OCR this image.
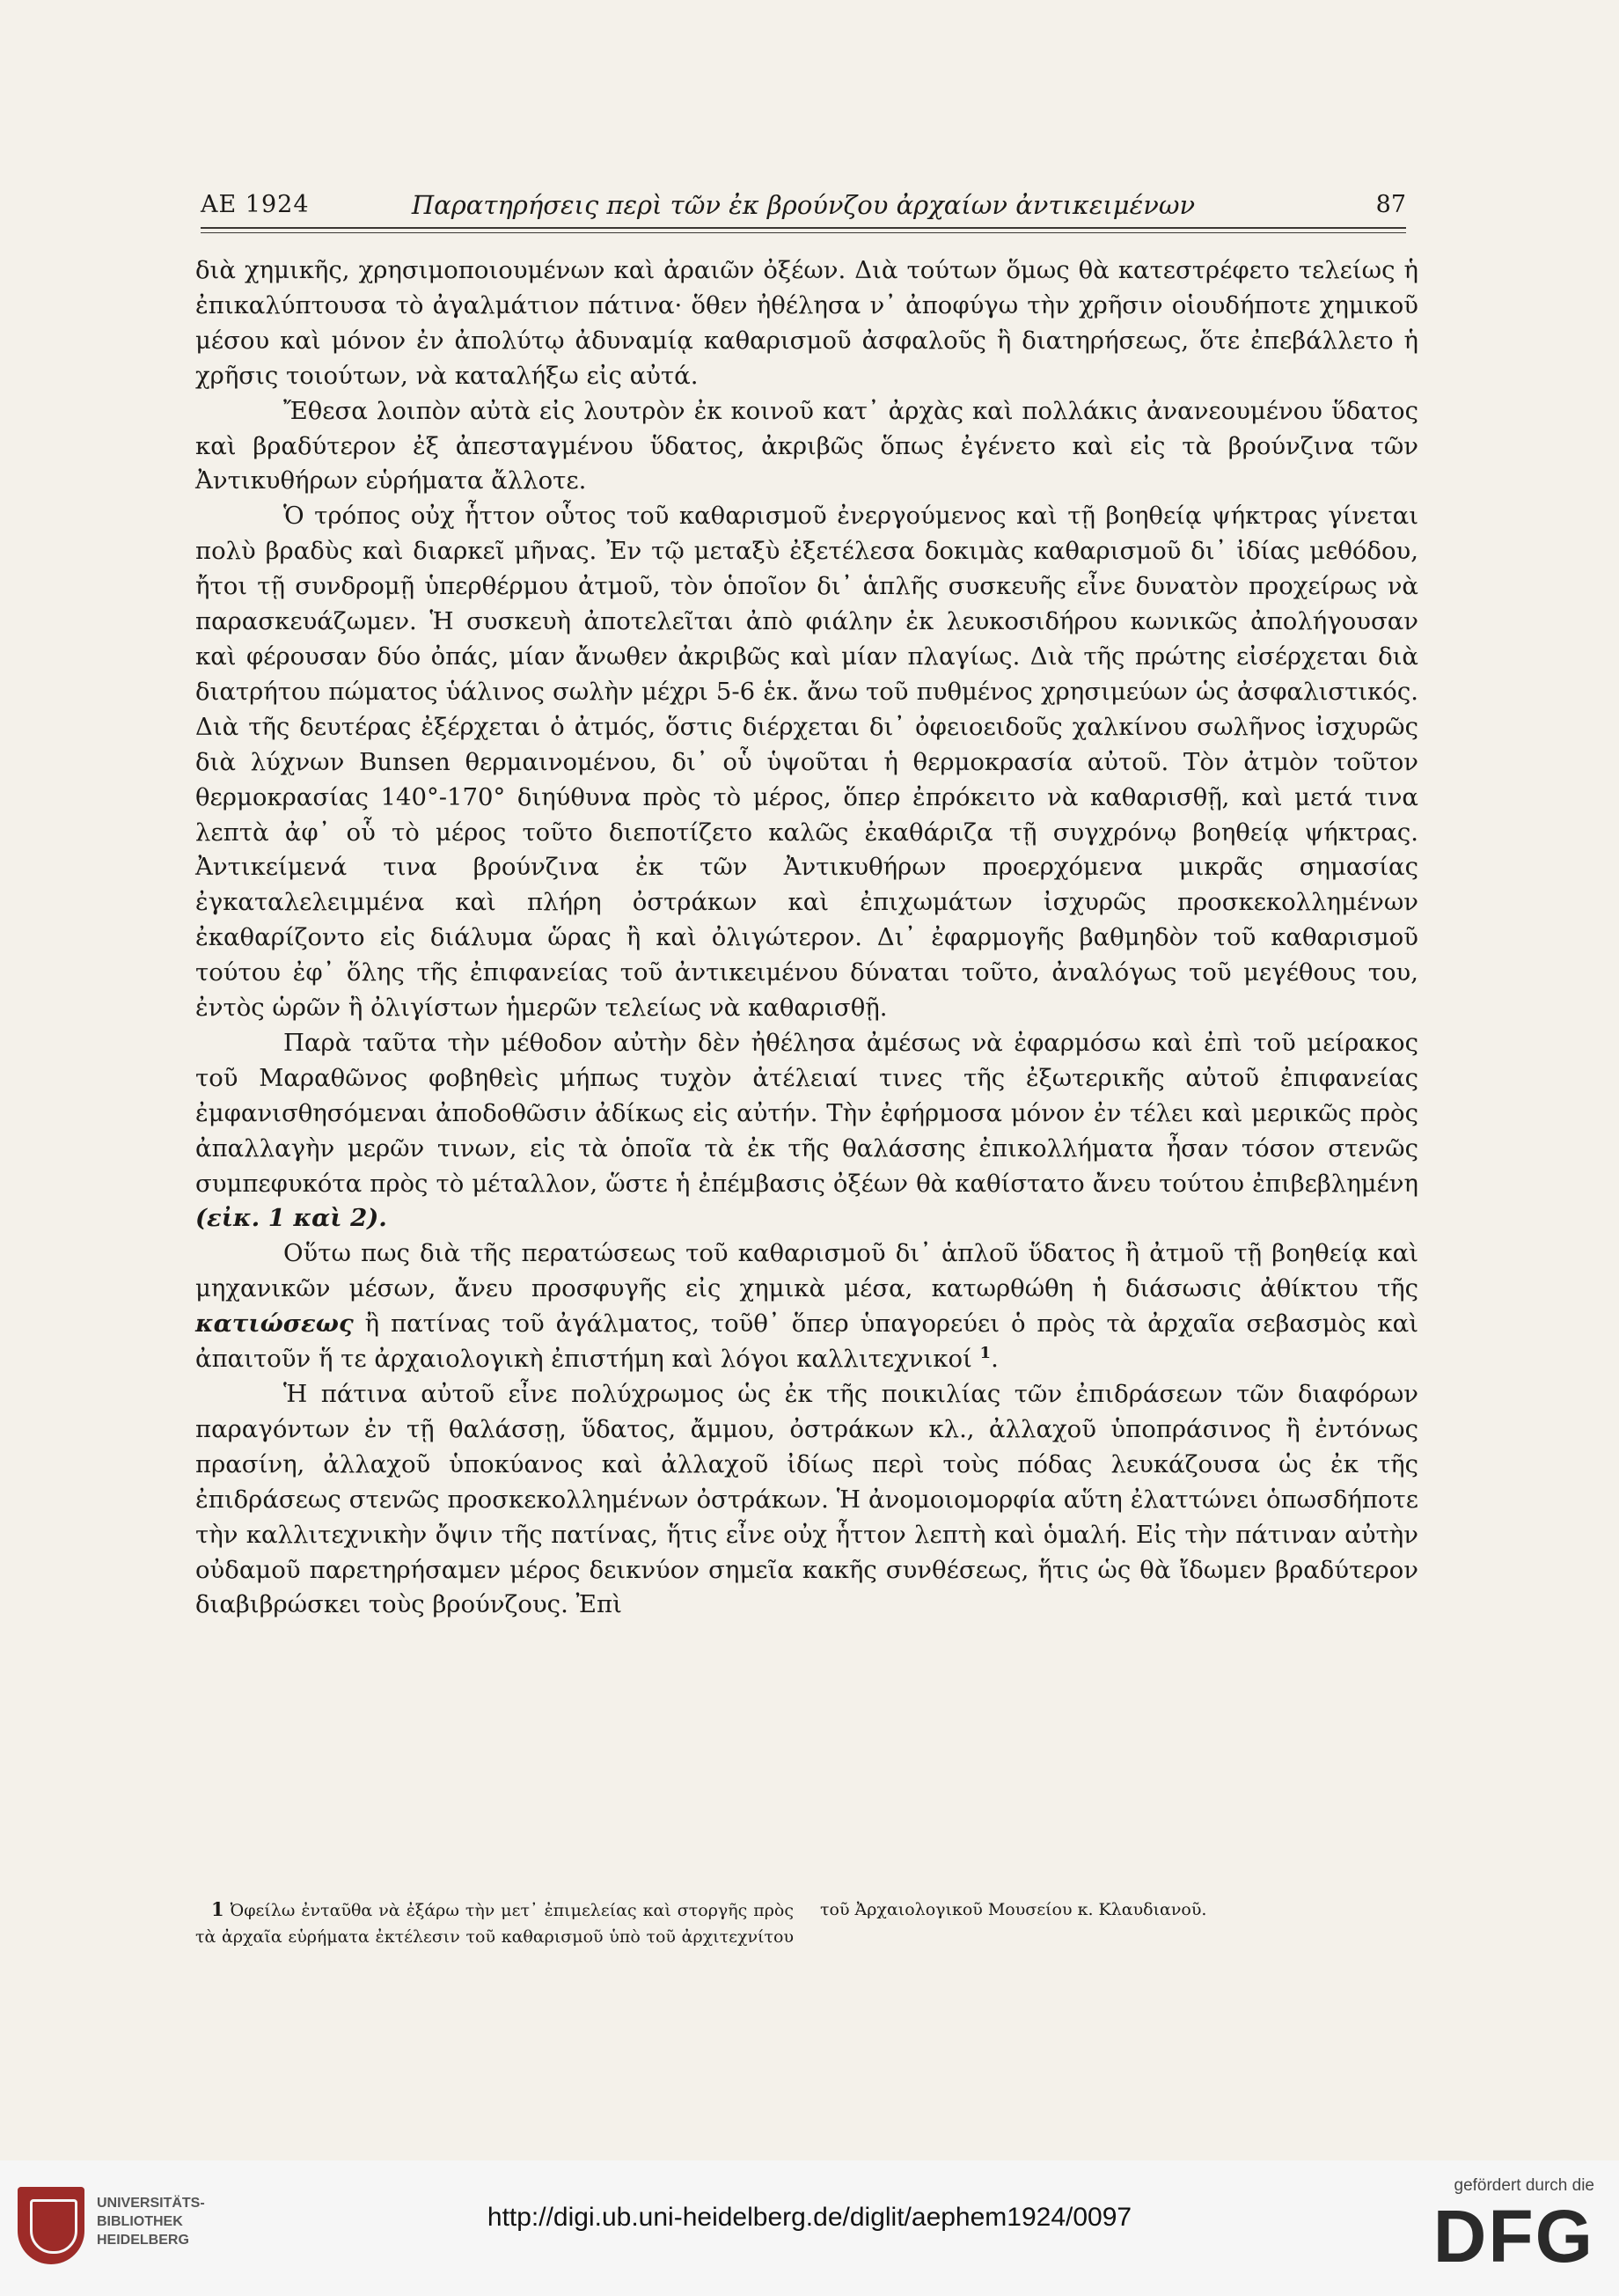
ΑΕ 1924	Παρατηρήσεις περὶ τῶν ἐκ βρούνζου ἀρχαίων ἀντικειμένων	87

διὰ χημικῆς, χρησιμοποιουμένων καὶ ἀραιῶν ὀξέων. Διὰ τούτων ὅμως θὰ κατεστρέφετο τελείως ἡ ἐπικαλύπτουσα τὸ ἀγαλμάτιον πάτινα· ὅθεν ἠθέλησα ν᾽ ἀποφύγω τὴν χρῆσιν οἱουδήποτε χημικοῦ μέσου καὶ μόνον ἐν ἀπολύτῳ ἀδυναμίᾳ καθαρισμοῦ ἀσφαλοῦς ἢ διατηρήσεως, ὅτε ἐπεβάλλετο ἡ χρῆσις τοιούτων, νὰ καταλήξω εἰς αὐτά.

Ἔθεσα λοιπὸν αὐτὰ εἰς λουτρὸν ἐκ κοινοῦ κατ᾽ ἀρχὰς καὶ πολλάκις ἀνανεουμένου ὕδατος καὶ βραδύτερον ἐξ ἀπεσταγμένου ὕδατος, ἀκριβῶς ὅπως ἐγένετο καὶ εἰς τὰ βρούνζινα τῶν Ἀντικυθήρων εὑρήματα ἄλλοτε.

Ὁ τρόπος οὐχ ἧττον οὗτος τοῦ καθαρισμοῦ ἐνεργούμενος καὶ τῇ βοηθείᾳ ψήκτρας γίνεται πολὺ βραδὺς καὶ διαρκεῖ μῆνας. Ἐν τῷ μεταξὺ ἐξετέλεσα δοκιμὰς καθαρισμοῦ δι᾽ ἰδίας μεθόδου, ἤτοι τῇ συνδρομῇ ὑπερθέρμου ἀτμοῦ, τὸν ὁποῖον δι᾽ ἁπλῆς συσκευῆς εἶνε δυνατὸν προχείρως νὰ παρασκευάζωμεν. Ἡ συσκευὴ ἀποτελεῖται ἀπὸ φιάλην ἐκ λευκοσιδήρου κωνικῶς ἀπολήγουσαν καὶ φέρουσαν δύο ὀπάς, μίαν ἄνωθεν ἀκριβῶς καὶ μίαν πλαγίως. Διὰ τῆς πρώτης εἰσέρχεται διὰ διατρήτου πώματος ὑάλινος σωλὴν μέχρι 5-6 ἑκ. ἄνω τοῦ πυθμένος χρησιμεύων ὡς ἀσφαλιστικός. Διὰ τῆς δευτέρας ἐξέρχεται ὁ ἀτμός, ὅστις διέρχεται δι᾽ ὀφειοειδοῦς χαλκίνου σωλῆνος ἰσχυρῶς διὰ λύχνων Bunsen θερμαινομένου, δι᾽ οὗ ὑψοῦται ἡ θερμοκρασία αὐτοῦ. Τὸν ἀτμὸν τοῦτον θερμοκρασίας 140°-170° διηύθυνα πρὸς τὸ μέρος, ὅπερ ἐπρόκειτο νὰ καθαρισθῇ, καὶ μετά τινα λεπτὰ ἀφ᾽ οὗ τὸ μέρος τοῦτο διεποτίζετο καλῶς ἐκαθάριζα τῇ συγχρόνῳ βοηθείᾳ ψήκτρας. Ἀντικείμενά τινα βρούνζινα ἐκ τῶν Ἀντικυθήρων προερχόμενα μικρᾶς σημασίας ἐγκαταλελειμμένα καὶ πλήρη ὀστράκων καὶ ἐπιχωμάτων ἰσχυρῶς προσκεκολλημένων ἐκαθαρίζοντο εἰς διάλυμα ὥρας ἢ καὶ ὀλιγώτερον. Δι᾽ ἐφαρμογῆς βαθμηδὸν τοῦ καθαρισμοῦ τούτου ἐφ᾽ ὅλης τῆς ἐπιφανείας τοῦ ἀντικειμένου δύναται τοῦτο, ἀναλόγως τοῦ μεγέθους του, ἐντὸς ὡρῶν ἢ ὀλιγίστων ἡμερῶν τελείως νὰ καθαρισθῇ.

Παρὰ ταῦτα τὴν μέθοδον αὐτὴν δὲν ἠθέλησα ἀμέσως νὰ ἐφαρμόσω καὶ ἐπὶ τοῦ μείρακος τοῦ Μαραθῶνος φοβηθεὶς μήπως τυχὸν ἀτέλειαί τινες τῆς ἐξωτερικῆς αὐτοῦ ἐπιφανείας ἐμφανισθησόμεναι ἀποδοθῶσιν ἀδίκως εἰς αὐτήν. Τὴν ἐφήρμοσα μόνον ἐν τέλει καὶ μερικῶς πρὸς ἀπαλλαγὴν μερῶν τινων, εἰς τὰ ὁποῖα τὰ ἐκ τῆς θαλάσσης ἐπικολλήματα ἦσαν τόσον στενῶς συμπεφυκότα πρὸς τὸ μέταλλον, ὥστε ἡ ἐπέμβασις ὀξέων θὰ καθίστατο ἄνευ τούτου ἐπιβεβλημένη (εἰκ. 1 καὶ 2).

Οὕτω πως διὰ τῆς περατώσεως τοῦ καθαρισμοῦ δι᾽ ἁπλοῦ ὕδατος ἢ ἀτμοῦ τῇ βοηθείᾳ καὶ μηχανικῶν μέσων, ἄνευ προσφυγῆς εἰς χημικὰ μέσα, κατωρθώθη ἡ διάσωσις ἀθίκτου τῆς κατιώσεως ἢ πατίνας τοῦ ἀγάλματος, τοῦθ᾽ ὅπερ ὑπαγορεύει ὁ πρὸς τὰ ἀρχαῖα σεβασμὸς καὶ ἀπαιτοῦν ἥ τε ἀρχαιολογικὴ ἐπιστήμη καὶ λόγοι καλλιτεχνικοί $^1$.

Ἡ πάτινα αὐτοῦ εἶνε πολύχρωμος ὡς ἐκ τῆς ποικιλίας τῶν ἐπιδράσεων τῶν διαφόρων παραγόντων ἐν τῇ θαλάσσῃ, ὕδατος, ἄμμου, ὀστράκων κλ., ἀλλαχοῦ ὑποπράσινος ἢ ἐντόνως πρασίνη, ἀλλαχοῦ ὑποκύανος καὶ ἀλλαχοῦ ἰδίως περὶ τοὺς πόδας λευκάζουσα ὡς ἐκ τῆς ἐπιδράσεως στενῶς προσκεκολλημένων ὀστράκων. Ἡ ἀνομοιομορφία αὕτη ἐλαττώνει ὁπωσδήποτε τὴν καλλιτεχνικὴν ὄψιν τῆς πατίνας, ἥτις εἶνε οὐχ ἧττον λεπτὴ καὶ ὁμαλή. Εἰς τὴν πάτιναν αὐτὴν οὐδαμοῦ παρετηρήσαμεν μέρος δεικνύον σημεῖα κακῆς συνθέσεως, ἥτις ὡς θὰ ἴδωμεν βραδύτερον διαβιβρώσκει τοὺς βρούνζους. Ἐπὶ

1 Ὀφείλω ἐνταῦθα νὰ ἐξάρω τὴν μετ᾽ ἐπιμελείας καὶ στοργῆς πρὸς τὰ ἀρχαῖα εὑρήματα ἐκτέλεσιν τοῦ καθαρισμοῦ ὑπὸ τοῦ ἀρχιτεχνίτου τοῦ Ἀρχαιολογικοῦ Μουσείου κ. Κλαυδιανοῦ.

UNIVERSITÄTS-
BIBLIOTHEK
HEIDELBERG
http://digi.ub.uni-heidelberg.de/diglit/aephem1924/0097
gefördert durch die
DFG
